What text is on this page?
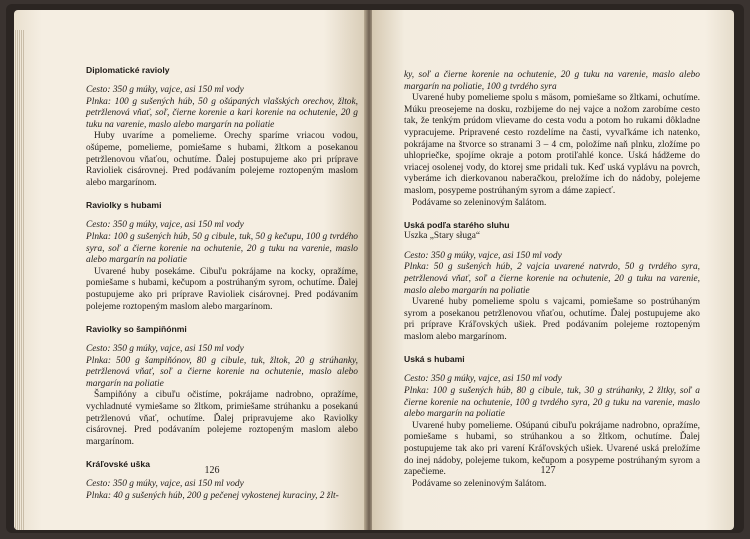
Diplomatické ravioly

Cesto: 350 g múky, vajce, asi 150 ml vody

Plnka: 100 g sušených húb, 50 g ošúpaných vlašských orechov, žltok, petržlenová vňať, soľ, čierne korenie a kari korenie na ochutenie, 20 g tuku na varenie, maslo alebo margarín na poliatie

Huby uvaríme a pomelieme. Orechy sparíme vriacou vodou, ošúpeme, pomelieme, pomiešame s hubami, žltkom a posekanou petržlenovou vňaťou, ochutíme. Ďalej postupujeme ako pri príprave Ravioliek cisárovnej. Pred podávaním polejeme roztopeným maslom alebo margarínom.

Raviolky s hubami

Cesto: 350 g múky, vajce, asi 150 ml vody

Plnka: 100 g sušených húb, 50 g cibule, tuk, 50 g kečupu, 100 g tvrdého syra, soľ a čierne korenie na ochutenie, 20 g tuku na varenie, maslo alebo margarín na poliatie

Uvarené huby posekáme. Cibuľu pokrájame na kocky, opražíme, pomiešame s hubami, kečupom a postrúhaným syrom, ochutíme. Ďalej postupujeme ako pri príprave Ravioliek cisárovnej. Pred podávaním polejeme roztopeným maslom alebo margarínom.

Raviolky so šampiňónmi

Cesto: 350 g múky, vajce, asi 150 ml vody

Plnka: 500 g šampiňónov, 80 g cibule, tuk, žltok, 20 g strúhanky, petržlenová vňať, soľ a čierne korenie na ochutenie, maslo alebo margarín na poliatie

Šampiňóny a cibuľu očistíme, pokrájame nadrobno, opražíme, vychladnuté vymiešame so žltkom, primiešame strúhanku a posekanú petržlenovú vňať, ochutíme. Ďalej pripravujeme ako Raviolky cisárovnej. Pred podávaním polejeme roztopeným maslom alebo margarínom.

Kráľovské uškа

Cesto: 350 g múky, vajce, asi 150 ml vody

Plnka: 40 g sušených húb, 200 g pečenej vykostenej kuraciny, 2 žlt-

126

ky, soľ a čierne korenie na ochutenie, 20 g tuku na varenie, maslo alebo margarín na poliatie, 100 g tvrdého syra

Uvarené huby pomelieme spolu s mäsom, pomiešame so žltkami, ochutíme. Múku preosejeme na dosku, rozbijeme do nej vajce a nožom zarobíme cesto tak, že tenkým prúdom vlievame do cesta vodu a potom ho rukami dôkladne vypracujeme. Pripravené cesto rozdelíme na časti, vyvaľkáme ich natenko, pokrájame na štvorce so stranami 3 – 4 cm, položíme naň plnku, zložíme po uhlopriečke, spojíme okraje a potom protiľahlé konce. Uská hádžeme do vriacej osolenej vody, do ktorej sme pridali tuk. Keď uská vyplávu na povrch, vyberáme ich dierkovanou naberačkou, preložíme ich do nádoby, polejeme maslom, posypeme postrúhaným syrom a dáme zapiecť.

Podávame so zeleninovým šalátom.

Uská podľa starého sluhu

Uszka „Stary sługa“

Cesto: 350 g múky, vajce, asi 150 ml vody

Plnka: 50 g sušených húb, 2 vajcia uvarené natvrdo, 50 g tvrdého syra, petržlenová vňať, soľ a čierne korenie na ochutenie, 20 g tuku na varenie, maslo alebo margarín na poliatie

Uvarené huby pomelieme spolu s vajcami, pomiešame so postrúhaným syrom a posekanou petržlenovou vňaťou, ochutíme. Ďalej postupujeme ako pri príprave Kráľovských ušiek. Pred podávaním polejeme roztopeným maslom alebo margarínom.

Uská s hubami

Cesto: 350 g múky, vajce, asi 150 ml vody

Plnka: 100 g sušených húb, 80 g cibule, tuk, 30 g strúhanky, 2 žltky, soľ a čierne korenie na ochutenie, 100 g tvrdého syra, 20 g tuku na varenie, maslo alebo margarín na poliatie

Uvarené huby pomelieme. Ošúpanú cibuľu pokrájame nadrobno, opražíme, pomiešame s hubami, so strúhankou a so žltkom, ochutíme. Ďalej postupujeme tak ako pri varení Kráľovských ušiek. Uvarené uská preložíme do inej nádoby, polejeme tukom, kečupom a posypeme postrúhaným syrom a zapečieme.

Podávame so zeleninovým šalátom.

127
